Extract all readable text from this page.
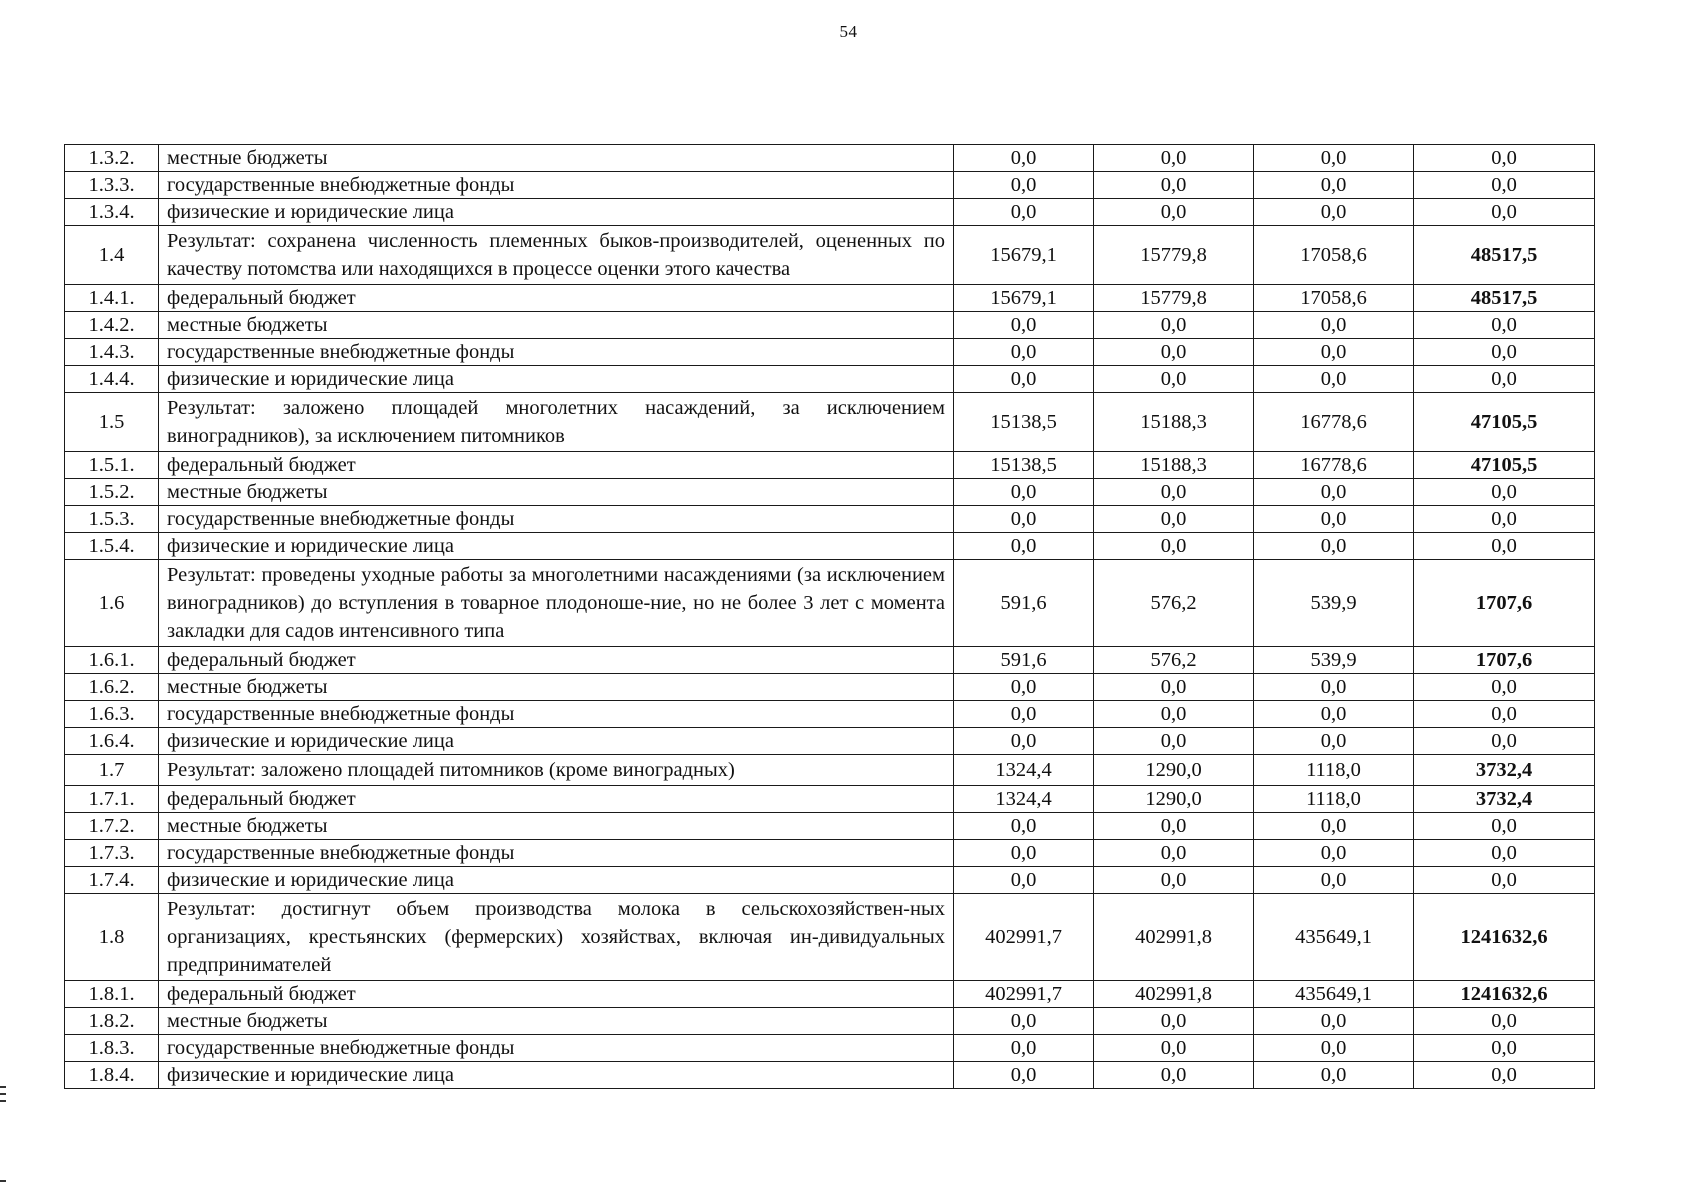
54
1.3.2.	местные бюджеты	0,0	0,0	0,0	0,0
1.3.3.	государственные внебюджетные фонды	0,0	0,0	0,0	0,0
1.3.4.	физические и юридические лица	0,0	0,0	0,0	0,0
1.4	Результат: сохранена численность племенных быков-производителей, оцененных по качеству потомства или находящихся в процессе оценки этого качества	15679,1	15779,8	17058,6	48517,5
1.4.1.	федеральный бюджет	15679,1	15779,8	17058,6	48517,5
1.4.2.	местные бюджеты	0,0	0,0	0,0	0,0
1.4.3.	государственные внебюджетные фонды	0,0	0,0	0,0	0,0
1.4.4.	физические и юридические лица	0,0	0,0	0,0	0,0
1.5	Результат: заложено площадей многолетних насаждений, за исключением виноградников), за исключением питомников	15138,5	15188,3	16778,6	47105,5
1.5.1.	федеральный бюджет	15138,5	15188,3	16778,6	47105,5
1.5.2.	местные бюджеты	0,0	0,0	0,0	0,0
1.5.3.	государственные внебюджетные фонды	0,0	0,0	0,0	0,0
1.5.4.	физические и юридические лица	0,0	0,0	0,0	0,0
1.6	Результат: проведены уходные работы за многолетними насаждениями (за исключением виноградников) до вступления в товарное плодоноше-ние, но не более 3 лет с момента закладки для садов интенсивного типа	591,6	576,2	539,9	1707,6
1.6.1.	федеральный бюджет	591,6	576,2	539,9	1707,6
1.6.2.	местные бюджеты	0,0	0,0	0,0	0,0
1.6.3.	государственные внебюджетные фонды	0,0	0,0	0,0	0,0
1.6.4.	физические и юридические лица	0,0	0,0	0,0	0,0
1.7	Результат: заложено площадей питомников (кроме виноградных)	1324,4	1290,0	1118,0	3732,4
1.7.1.	федеральный бюджет	1324,4	1290,0	1118,0	3732,4
1.7.2.	местные бюджеты	0,0	0,0	0,0	0,0
1.7.3.	государственные внебюджетные фонды	0,0	0,0	0,0	0,0
1.7.4.	физические и юридические лица	0,0	0,0	0,0	0,0
1.8	Результат: достигнут объем производства молока в сельскохозяйствен-ных организациях, крестьянских (фермерских) хозяйствах, включая ин-дивидуальных предпринимателей	402991,7	402991,8	435649,1	1241632,6
1.8.1.	федеральный бюджет	402991,7	402991,8	435649,1	1241632,6
1.8.2.	местные бюджеты	0,0	0,0	0,0	0,0
1.8.3.	государственные внебюджетные фонды	0,0	0,0	0,0	0,0
1.8.4.	физические и юридические лица	0,0	0,0	0,0	0,0
